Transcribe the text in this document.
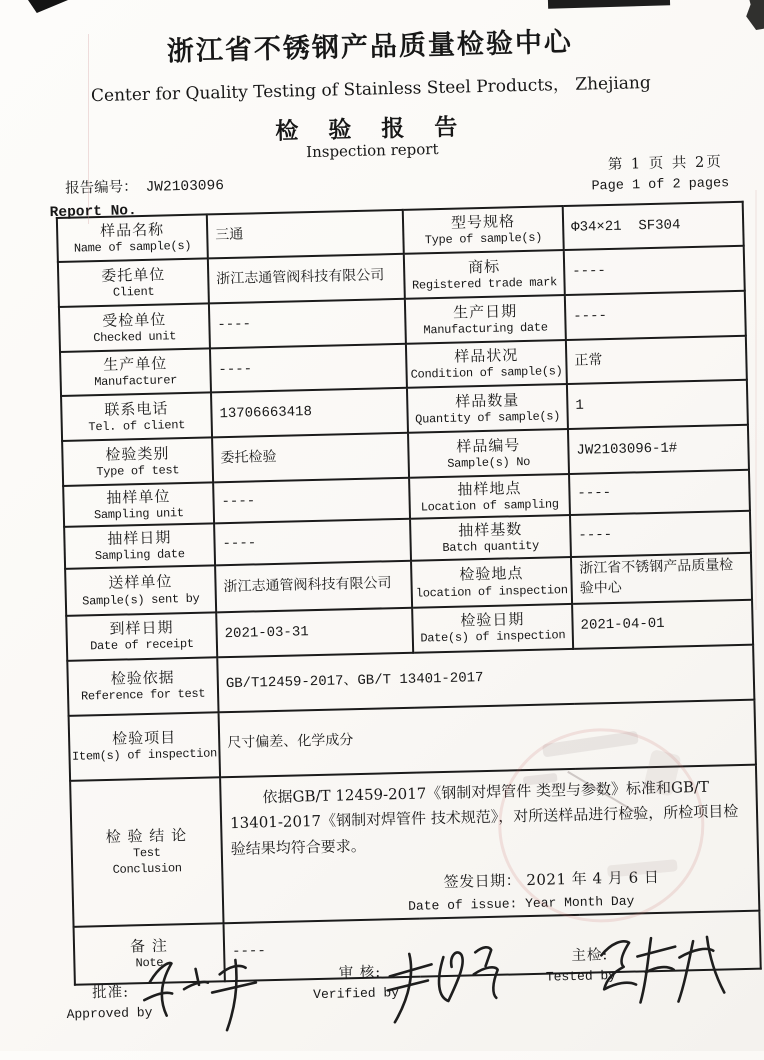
浙江省不锈钢产品质量检验中心
Center for Quality Testing of Stainless Steel Products， Zhejiang
检 验 报 告
Inspection report
报告编号： JW2103096
Report No.
第 1 页 共 2页
Page 1 of 2 pages
样品名称
Name of sample(s)
	三通	
型号规格
Type of sample(s)
	Φ34×21  SF304

委托单位
Client
	浙江志通管阀科技有限公司	
商标
Registered trade mark
	----

受检单位
Checked unit
	----	
生产日期
Manufacturing date
	----

生产单位
Manufacturer
	----	
样品状况
Condition of sample(s)
	正常

联系电话
Tel. of client
	13706663418	
样品数量
Quantity of sample(s)
	1

检验类别
Type of test
	委托检验	
样品编号
Sample(s) No
	JW2103096-1#

抽样单位
Sampling unit
	----	
抽样地点
Location of sampling
	----

抽样日期
Sampling date
	----	
抽样基数
Batch quantity
	----

送样单位
Sample(s) sent by
	浙江志通管阀科技有限公司	
检验地点
location of inspection
	浙江省不锈钢产品质量检验中心

到样日期
Date of receipt
	2021-03-31	
检验日期
Date(s) of inspection
	2021-04-01

检验依据
Reference for test	GB/T12459-2017、GB/T 13401-2017		

检验项目
Item(s) of inspection	尺寸偏差、化学成分		

检 验 结 论
Test
Conclusion

依据GB/T 12459-2017《钢制对焊管件 类型与参数》标准和GB/T 13401-2017《钢制对焊管件 技术规范》，对所送样品进行检验，所检项目检验结果均符合要求。

签发日期： 2021 年 4 月 6 日
Date of issue: Year Month Day

备 注
Note	----		
批准:
Approved by
审 核:
Verified by
主检:
Tested by
